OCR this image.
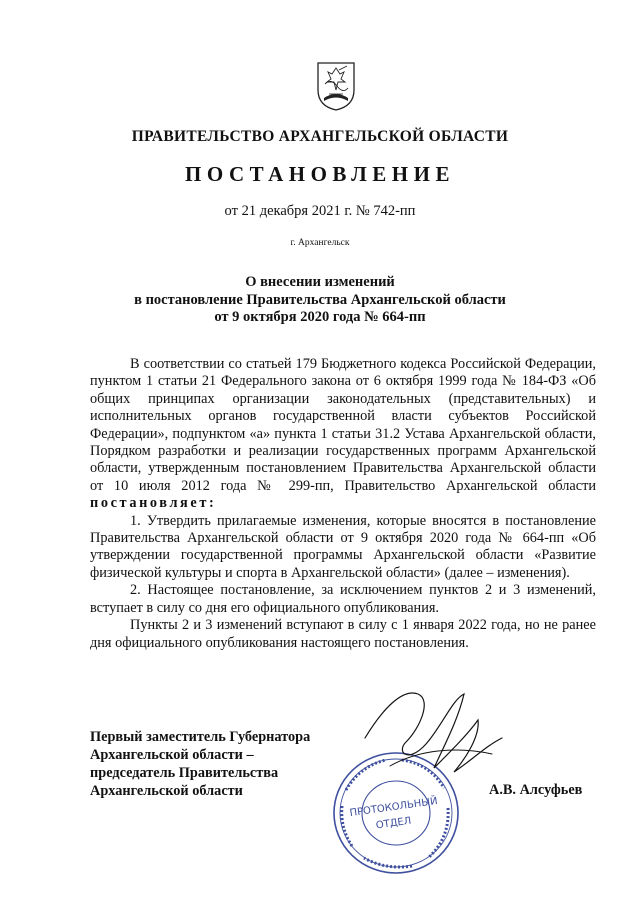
ПРАВИТЕЛЬСТВО АРХАНГЕЛЬСКОЙ ОБЛАСТИ
ПОСТАНОВЛЕНИЕ
от 21 декабря 2021 г. № 742-пп
г. Архангельск
О внесении изменений
в постановление Правительства Архангельской области
от 9 октября 2020 года № 664-пп

В соответствии со статьей 179 Бюджетного кодекса Российской Федерации, пунктом 1 статьи 21 Федерального закона от 6 октября 1999 года № 184-ФЗ «Об общих принципах организации законодательных (представительных) и исполнительных органов государственной власти субъектов Российской Федерации», подпунктом «а» пункта 1 статьи 31.2 Устава Архангельской области, Порядком разработки и реализации государственных программ Архангельской области, утвержденным постановлением Правительства Архангельской области от 10 июля 2012 года № 299-пп, Правительство Архангельской области постановляет:

1. Утвердить прилагаемые изменения, которые вносятся в постановление Правительства Архангельской области от 9 октября 2020 года № 664-пп «Об утверждении государственной программы Архангельской области «Развитие физической культуры и спорта в Архангельской области» (далее – изменения).

2. Настоящее постановление, за исключением пунктов 2 и 3 изменений, вступает в силу со дня его официального опубликования.

Пункты 2 и 3 изменений вступают в силу с 1 января 2022 года, но не ранее дня официального опубликования настоящего постановления.

Первый заместитель Губернатора
Архангельской области –
председатель Правительства
Архангельской области	А.В. Алсуфьев
ПРОТОКОЛЬНЫЙ
ОТДЕЛ
